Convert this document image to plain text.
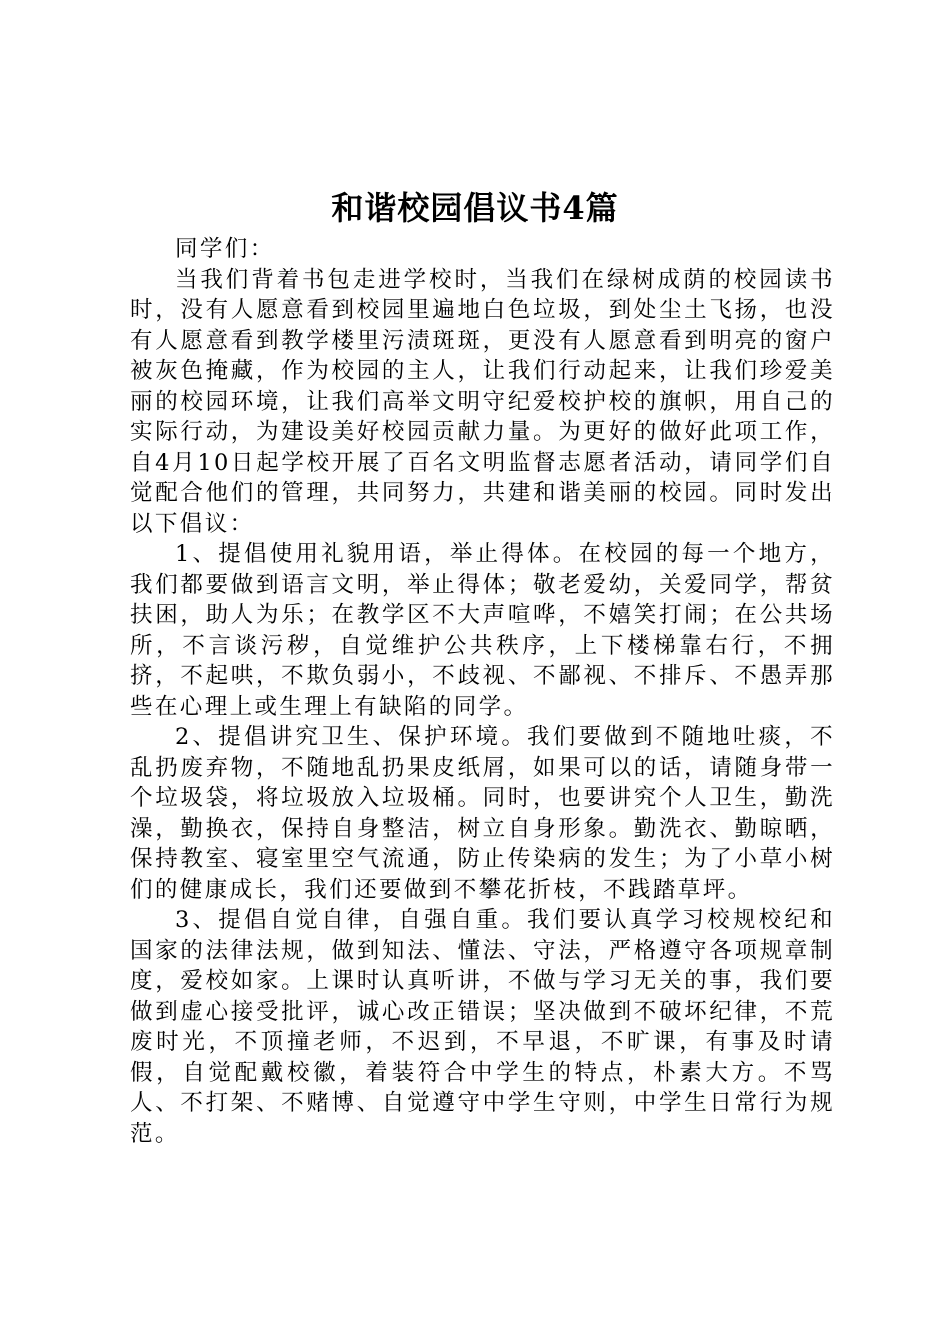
和谐校园倡议书4篇

同学们：

当我们背着书包走进学校时，当我们在绿树成荫的校园读书时，没有人愿意看到校园里遍地白色垃圾，到处尘土飞扬，也没有人愿意看到教学楼里污渍斑斑，更没有人愿意看到明亮的窗户被灰色掩藏，作为校园的主人，让我们行动起来，让我们珍爱美丽的校园环境，让我们高举文明守纪爱校护校的旗帜，用自己的实际行动，为建设美好校园贡献力量。为更好的做好此项工作，自4月10日起学校开展了百名文明监督志愿者活动，请同学们自觉配合他们的管理，共同努力，共建和谐美丽的校园。同时发出以下倡议：

1、提倡使用礼貌用语，举止得体。在校园的每一个地方，我们都要做到语言文明，举止得体；敬老爱幼，关爱同学，帮贫扶困，助人为乐；在教学区不大声喧哗，不嬉笑打闹；在公共场所，不言谈污秽，自觉维护公共秩序，上下楼梯靠右行，不拥挤，不起哄，不欺负弱小，不歧视、不鄙视、不排斥、不愚弄那些在心理上或生理上有缺陷的同学。

2、提倡讲究卫生、保护环境。我们要做到不随地吐痰，不乱扔废弃物，不随地乱扔果皮纸屑，如果可以的话，请随身带一个垃圾袋，将垃圾放入垃圾桶。同时，也要讲究个人卫生，勤洗澡，勤换衣，保持自身整洁，树立自身形象。勤洗衣、勤晾晒，保持教室、寝室里空气流通，防止传染病的发生；为了小草小树们的健康成长，我们还要做到不攀花折枝，不践踏草坪。

3、提倡自觉自律，自强自重。我们要认真学习校规校纪和国家的法律法规，做到知法、懂法、守法，严格遵守各项规章制度，爱校如家。上课时认真听讲，不做与学习无关的事，我们要做到虚心接受批评，诚心改正错误；坚决做到不破坏纪律，不荒废时光，不顶撞老师，不迟到，不早退，不旷课，有事及时请假，自觉配戴校徽，着装符合中学生的特点，朴素大方。不骂人、不打架、不赌博、自觉遵守中学生守则，中学生日常行为规范。
